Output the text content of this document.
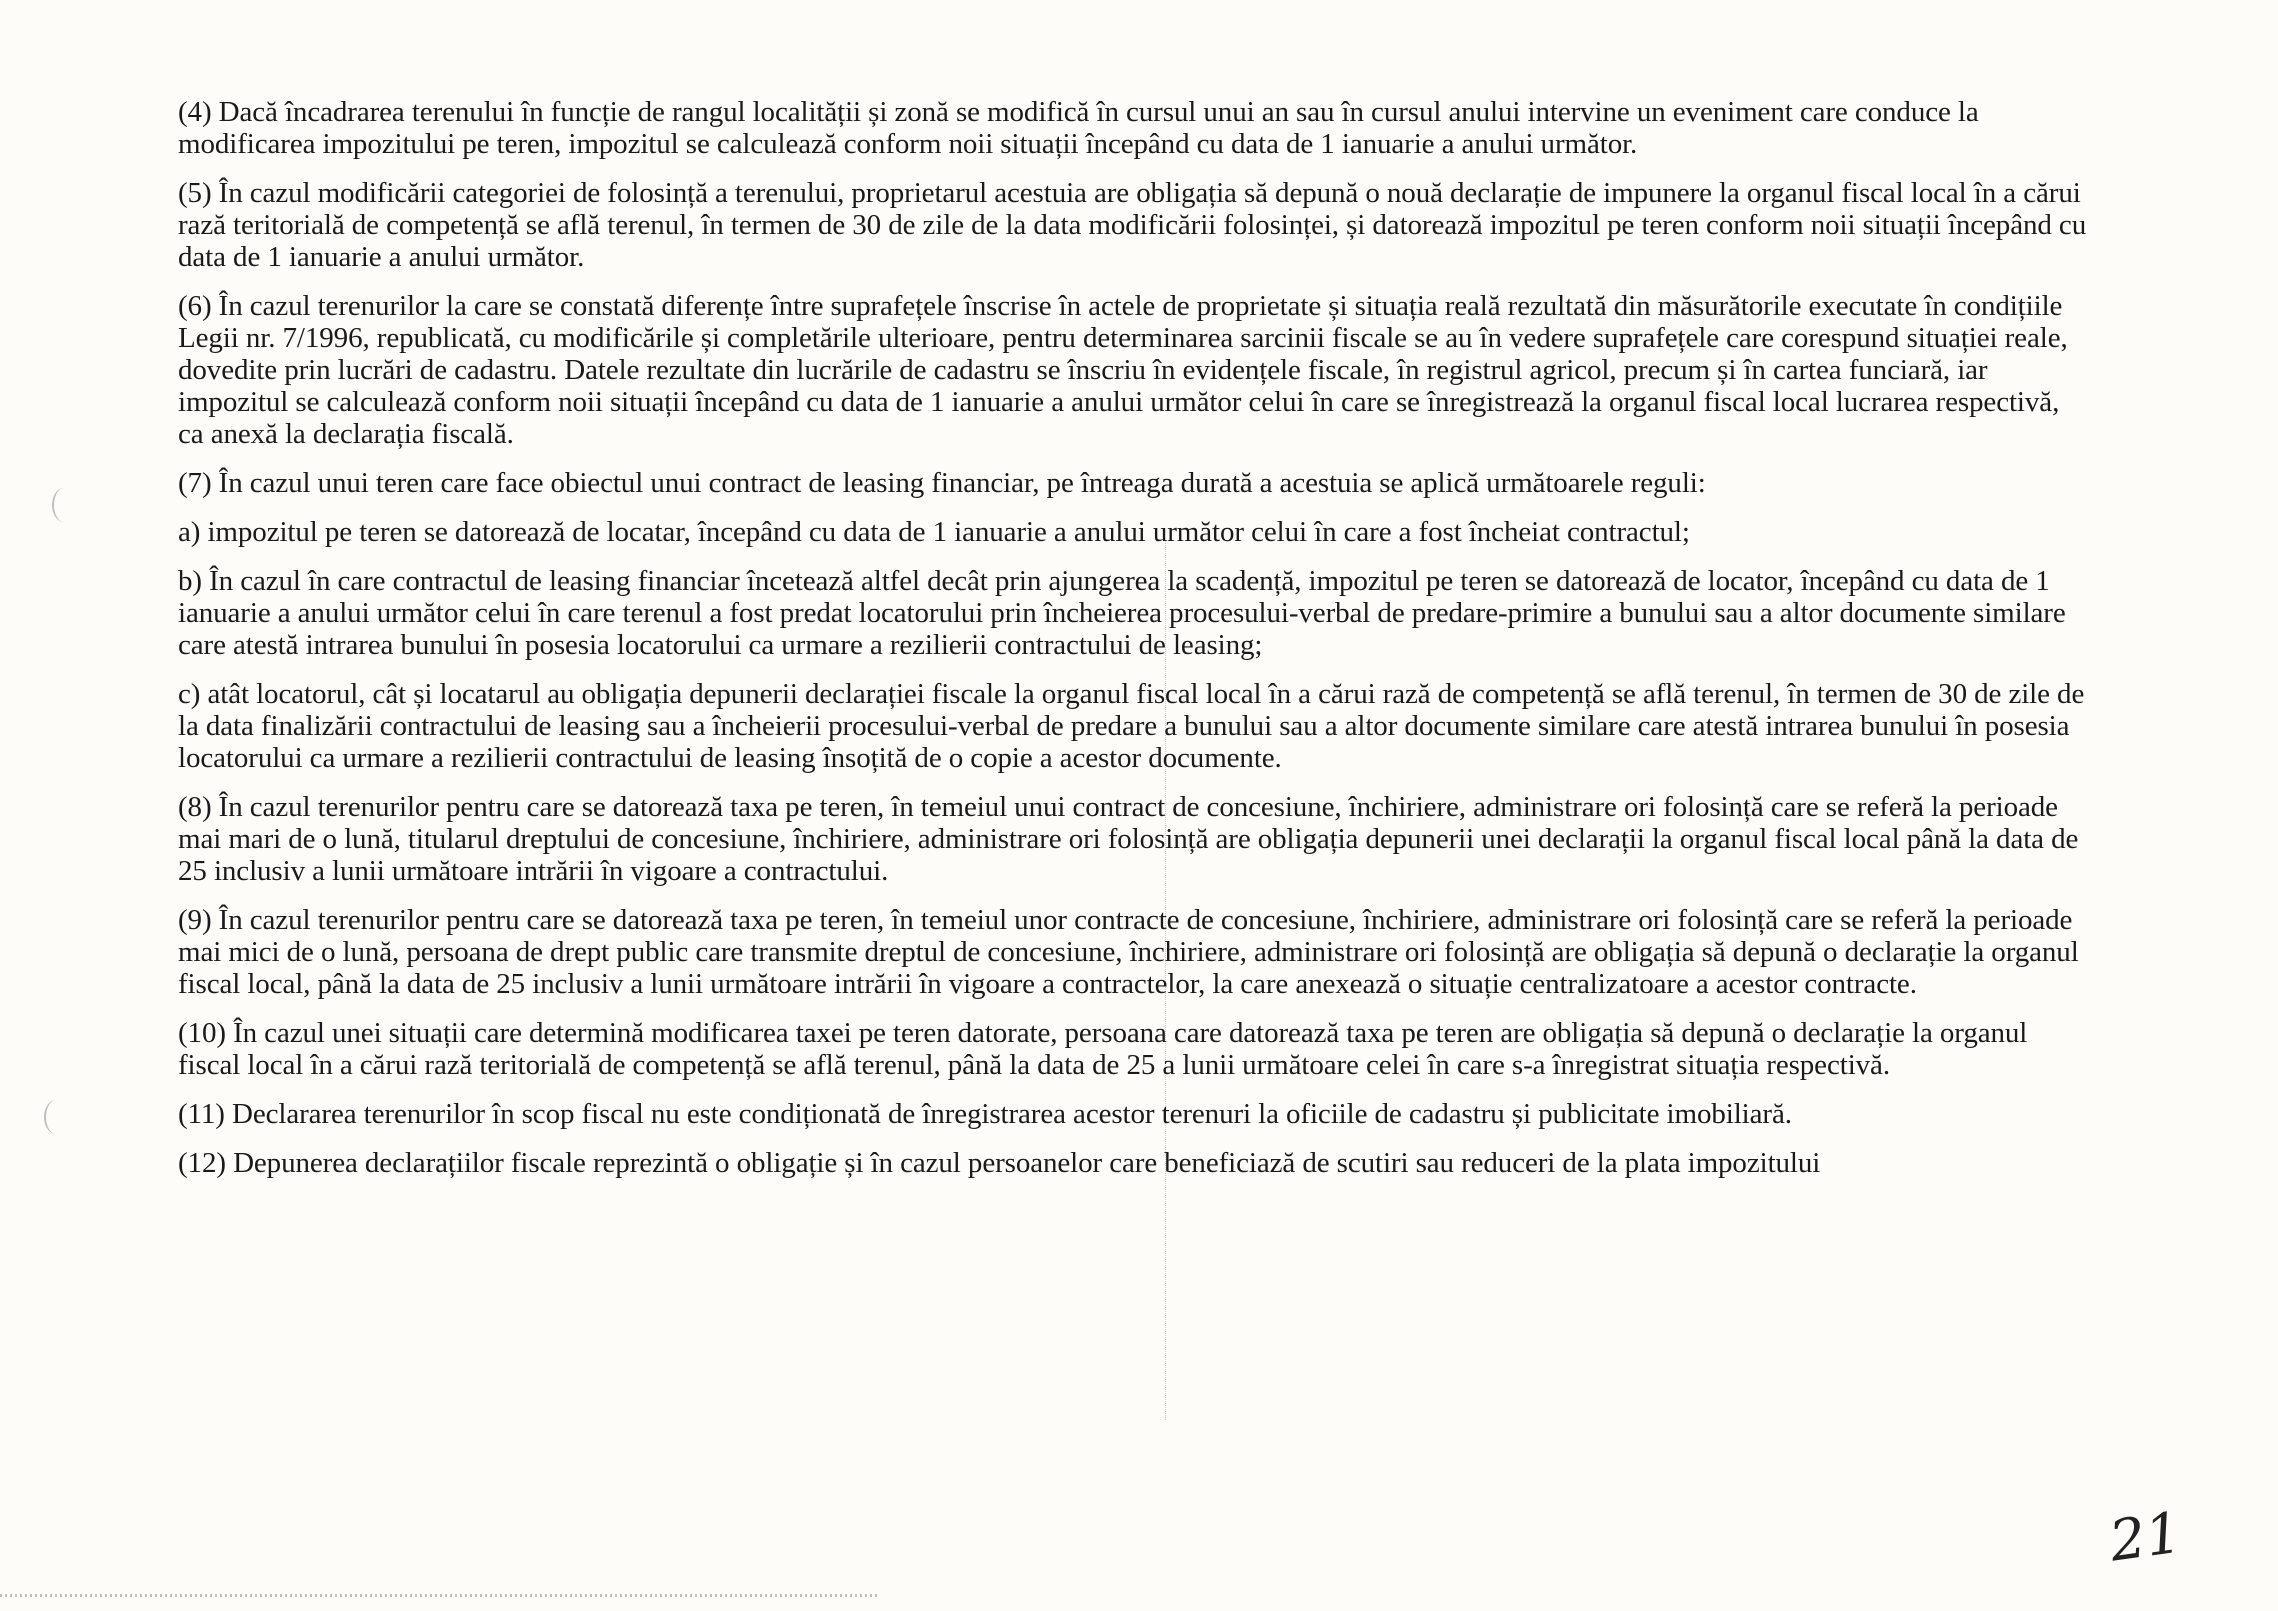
(4) Dacă încadrarea terenului în funcție de rangul localității și zonă se modifică în cursul unui an sau în cursul anului intervine un eveniment care conduce la modificarea impozitului pe teren, impozitul se calculează conform noii situații începând cu data de 1 ianuarie a anului următor.

(5) În cazul modificării categoriei de folosință a terenului, proprietarul acestuia are obligația să depună o nouă declarație de impunere la organul fiscal local în a cărui rază teritorială de competență se află terenul, în termen de 30 de zile de la data modificării folosinței, și datorează impozitul pe teren conform noii situații începând cu data de 1 ianuarie a anului următor.

(6) În cazul terenurilor la care se constată diferențe între suprafețele înscrise în actele de proprietate și situația reală rezultată din măsurătorile executate în condițiile Legii nr. 7/1996, republicată, cu modificările și completările ulterioare, pentru determinarea sarcinii fiscale se au în vedere suprafețele care corespund situației reale, dovedite prin lucrări de cadastru. Datele rezultate din lucrările de cadastru se înscriu în evidențele fiscale, în registrul agricol, precum și în cartea funciară, iar impozitul se calculează conform noii situații începând cu data de 1 ianuarie a anului următor celui în care se înregistrează la organul fiscal local lucrarea respectivă, ca anexă la declarația fiscală.

(7) În cazul unui teren care face obiectul unui contract de leasing financiar, pe întreaga durată a acestuia se aplică următoarele reguli:

a) impozitul pe teren se datorează de locatar, începând cu data de 1 ianuarie a anului următor celui în care a fost încheiat contractul;

b) În cazul în care contractul de leasing financiar încetează altfel decât prin ajungerea la scadență, impozitul pe teren se datorează de locator, începând cu data de 1 ianuarie a anului următor celui în care terenul a fost predat locatorului prin încheierea procesului-verbal de predare-primire a bunului sau a altor documente similare care atestă intrarea bunului în posesia locatorului ca urmare a rezilierii contractului de leasing;

c) atât locatorul, cât și locatarul au obligația depunerii declarației fiscale la organul fiscal local în a cărui rază de competență se află terenul, în termen de 30 de zile de la data finalizării contractului de leasing sau a încheierii procesului-verbal de predare a bunului sau a altor documente similare care atestă intrarea bunului în posesia locatorului ca urmare a rezilierii contractului de leasing însoțită de o copie a acestor documente.

(8) În cazul terenurilor pentru care se datorează taxa pe teren, în temeiul unui contract de concesiune, închiriere, administrare ori folosință care se referă la perioade mai mari de o lună, titularul dreptului de concesiune, închiriere, administrare ori folosință are obligația depunerii unei declarații la organul fiscal local până la data de 25 inclusiv a lunii următoare intrării în vigoare a contractului.

(9) În cazul terenurilor pentru care se datorează taxa pe teren, în temeiul unor contracte de concesiune, închiriere, administrare ori folosință care se referă la perioade mai mici de o lună, persoana de drept public care transmite dreptul de concesiune, închiriere, administrare ori folosință are obligația să depună o declarație la organul fiscal local, până la data de 25 inclusiv a lunii următoare intrării în vigoare a contractelor, la care anexează o situație centralizatoare a acestor contracte.

(10) În cazul unei situații care determină modificarea taxei pe teren datorate, persoana care datorează taxa pe teren are obligația să depună o declarație la organul fiscal local în a cărui rază teritorială de competență se află terenul, până la data de 25 a lunii următoare celei în care s-a înregistrat situația respectivă.

(11) Declararea terenurilor în scop fiscal nu este condiționată de înregistrarea acestor terenuri la oficiile de cadastru și publicitate imobiliară.

(12) Depunerea declarațiilor fiscale reprezintă o obligație și în cazul persoanelor care beneficiază de scutiri sau reduceri de la plata impozitului

21
